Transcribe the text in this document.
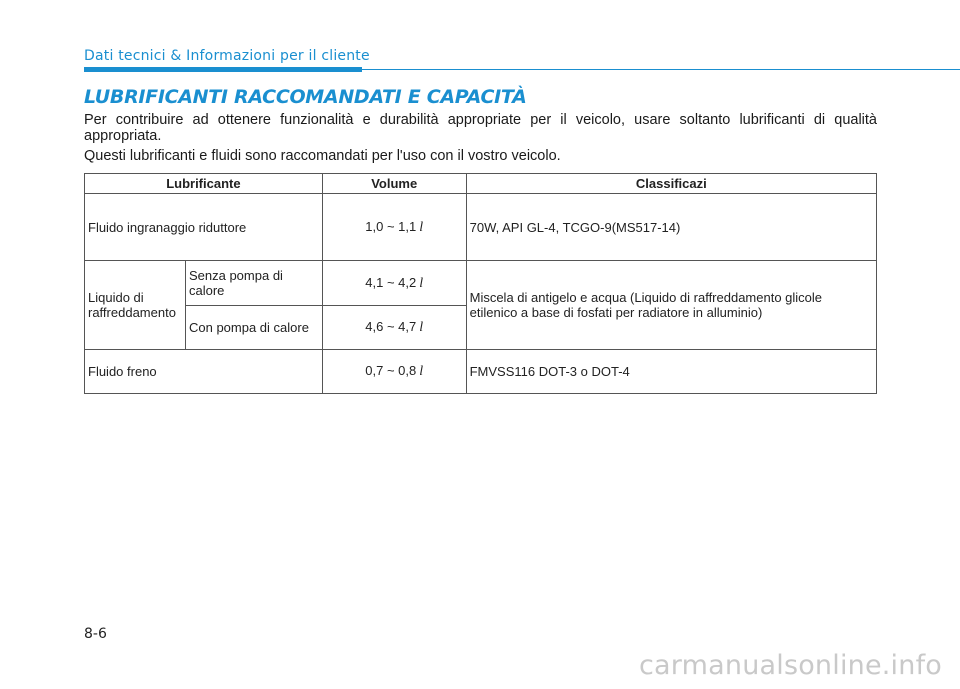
Dati tecnici & Informazioni per il cliente
LUBRIFICANTI RACCOMANDATI E CAPACITÀ

Per contribuire ad ottenere funzionalità e durabilità appropriate per il veicolo, usare soltanto lubrificanti di qualità appropriata.

Questi lubrificanti e fluidi sono raccomandati per l'uso con il vostro veicolo.

Lubrificante		Volume	Classificazi
Fluido ingranaggio riduttore		1,0 ~ 1,1 l	70W, API GL-4, TCGO-9(MS517-14)
Liquido di raffreddamento	Senza pompa di calore	4,1 ~ 4,2 l	Miscela di antigelo e acqua (Liquido di raffreddamento glicole etilenico a base di fosfati per radiatore in alluminio)
	Con pompa di calore	4,6 ~ 4,7 l	
Fluido freno		0,7 ~ 0,8 l	FMVSS116 DOT-3 o DOT-4
8-6
carmanualsonline.info
